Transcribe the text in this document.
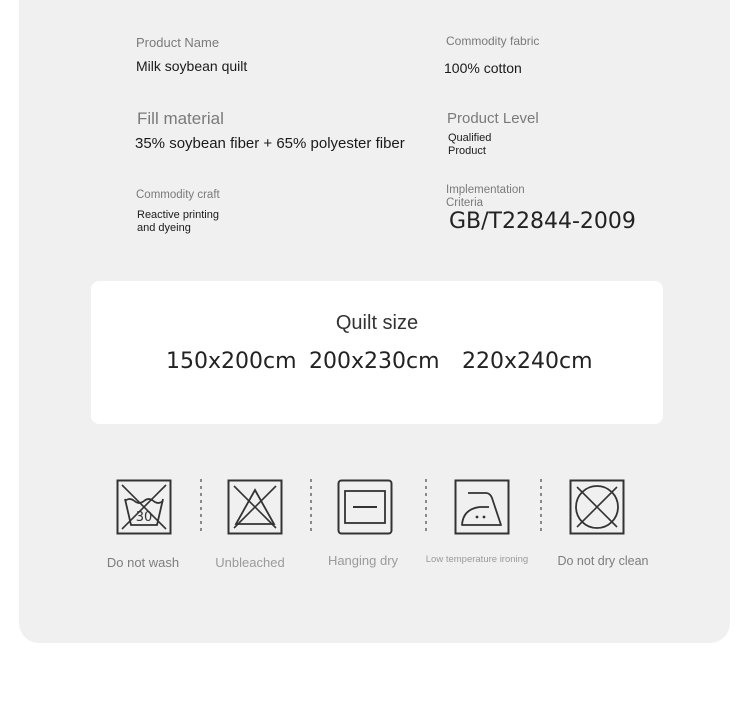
Product Name
Milk soybean quilt
Commodity fabric
100% cotton
Fill material
35% soybean fiber + 65% polyester fiber
Product Level
Qualified
Product
Commodity craft
Reactive printing
and dyeing
Implementation
Criteria
GB/T22844-2009
Quilt size
150x200cm 200x230cm 220x240cm
30
Do not wash	Unbleached	Hanging dry	Low temperature ironing	Do not dry clean
